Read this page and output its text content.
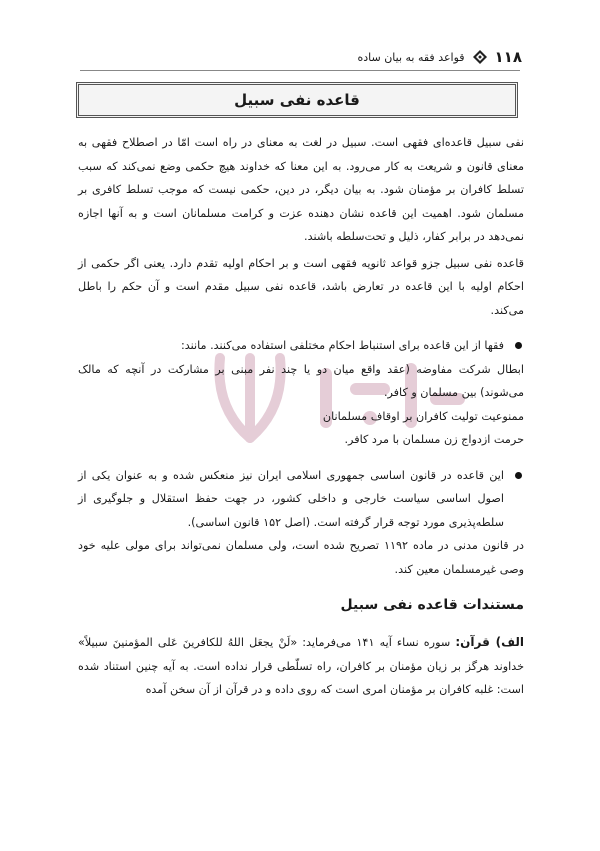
۱۱۸
قواعد فقه به بیان ساده
قاعده نفی سبیل

نفی سبیل قاعده‌ای فقهی است. سبیل در لغت به معنای در راه است امّا در اصطلاح فقهی به معنای قانون و شریعت به کار می‌رود. به این معنا که خداوند هیچ حکمی وضع نمی‌کند که سبب تسلط کافران بر مؤمنان شود. به بیان دیگر، در دین، حکمی نیست که موجب تسلط کافری بر مسلمان شود. اهمیت این قاعده نشان دهنده عزت و کرامت مسلمانان است و به آنها اجازه نمی‌دهد در برابر کفار، ذلیل و تحت‌سلطه باشند.

قاعده نفی سبیل جزو قواعد ثانویه فقهی است و بر احکام اولیه تقدم دارد. یعنی اگر حکمی از احکام اولیه با این قاعده در تعارض باشد، قاعده نفی سبیل مقدم است و آن حکم را باطل می‌کند.

فقها از این قاعده برای استنباط احکام مختلفی استفاده می‌کنند. مانند:

ابطال شرکت مفاوضه (عقد واقع میان دو یا چند نفر مبنی بر مشارکت در آنچه که مالک می‌شوند) بین مسلمان و کافر.

ممنوعیت تولیت کافران بر اوقاف مسلمانان

حرمت ازدواج زن مسلمان با مرد کافر.

این قاعده در قانون اساسی جمهوری اسلامی ایران نیز منعکس شده و به عنوان یکی از اصول اساسی سیاست خارجی و داخلی کشور، در جهت حفظ استقلال و جلوگیری از سلطه‌پذیری مورد توجه قرار گرفته است. (اصل ۱۵۲ قانون اساسی).

در قانون مدنی در ماده ۱۱۹۲ تصریح شده است، ولی مسلمان نمی‌تواند برای مولی علیه خود وصی غیرمسلمان معین کند.

مستندات قاعده نفی سبیل

الف) قرآن: سوره نساء آیه ۱۴۱ می‌فرماید: «لَنْ یجعَل اللهُ للکافرینَ عَلی المؤمنینَ سبیلاً» خداوند هرگز بر زیان مؤمنان بر کافران، راه تسلّطی قرار نداده است. به آیه چنین استناد شده است: غلبه کافران بر مؤمنان امری است که روی داده و در قرآن از آن سخن آمده
